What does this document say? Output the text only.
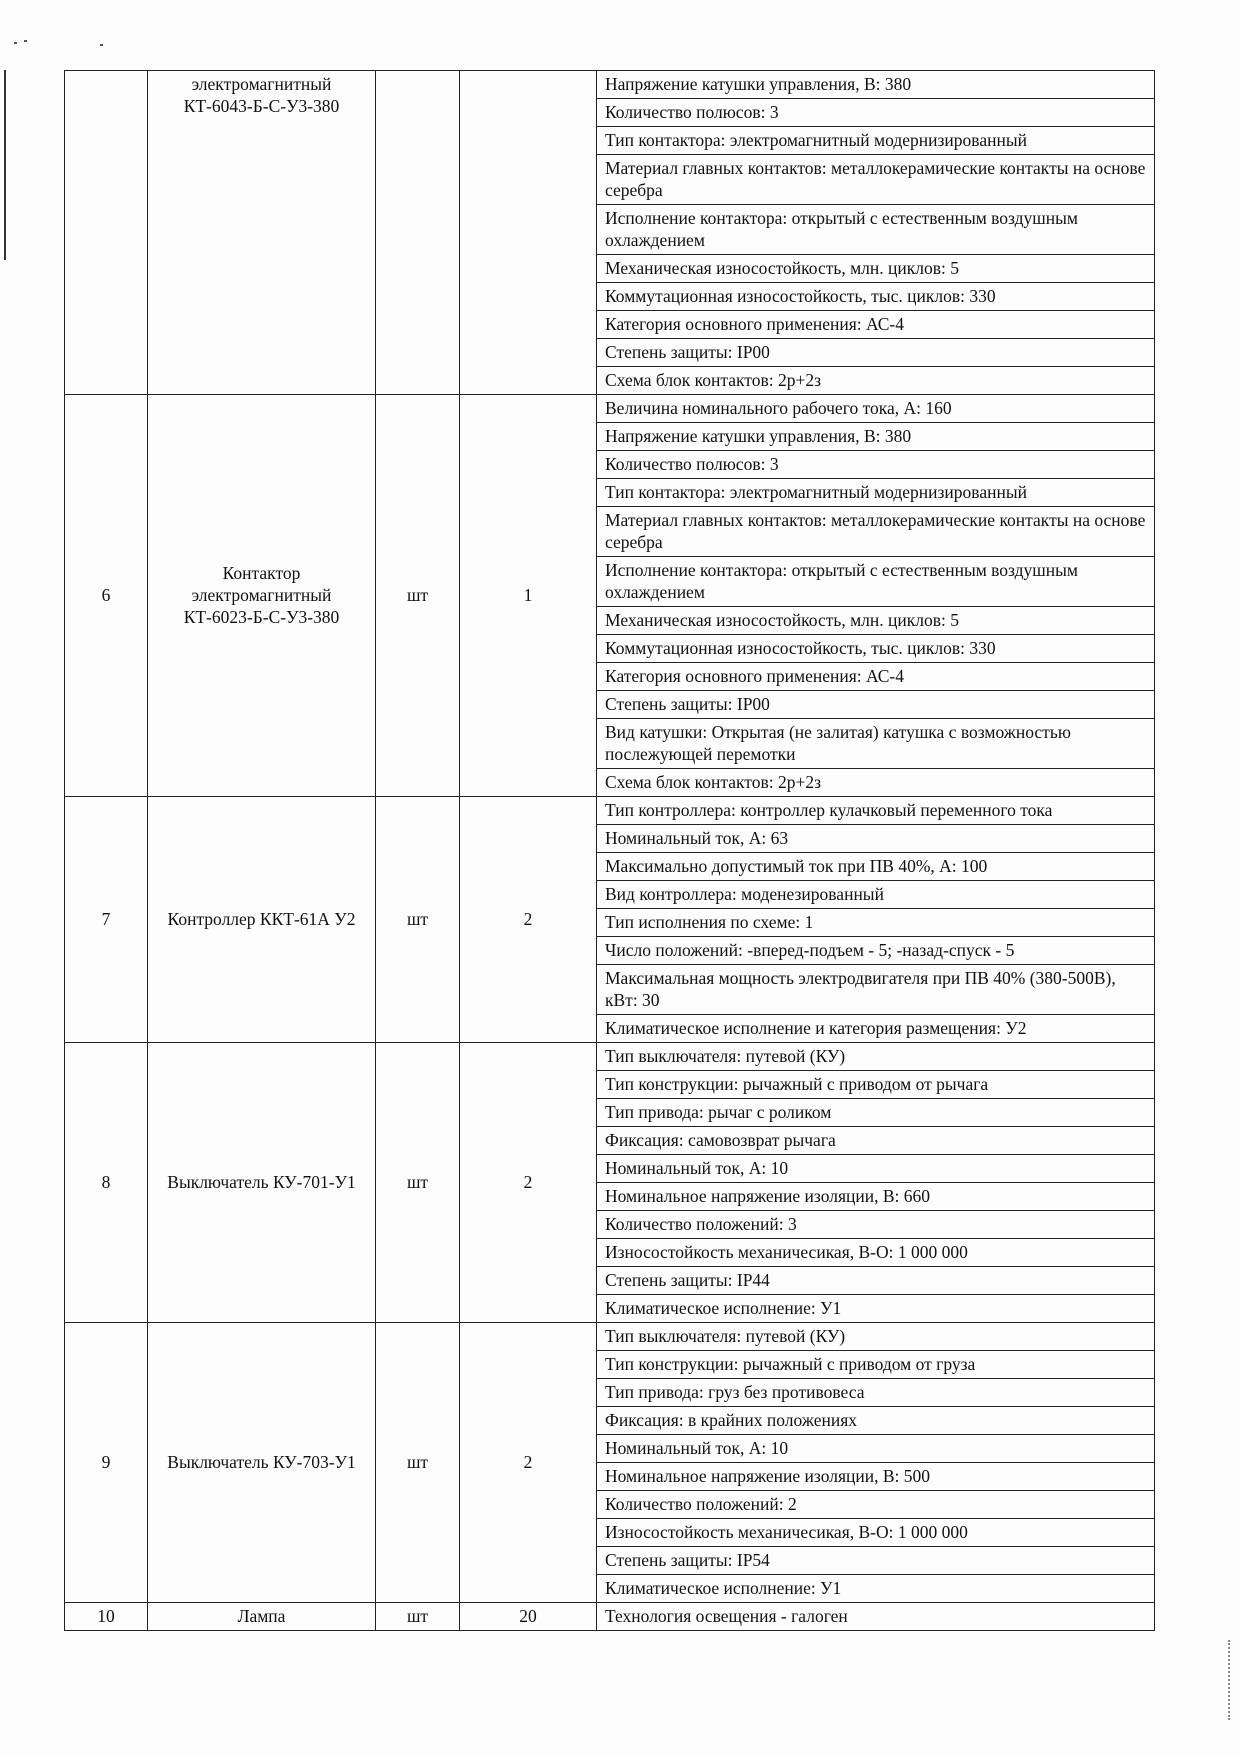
	электромагнитный КТ-6043-Б-С-У3-380			Напряжение катушки управления, В: 380
				Количество полюсов: 3
				Тип контактора: электромагнитный модернизированный
				Материал главных контактов: металлокерамические контакты на основе серебра
				Исполнение контактора: открытый с естественным воздушным охлаждением
				Механическая износостойкость, млн. циклов: 5
				Коммутационная износостойкость, тыс. циклов: 330
				Категория основного применения: АС-4
				Степень защиты: IP00
				Схема блок контактов: 2р+2з
6	Контактор электромагнитный КТ-6023-Б-С-У3-380	шт	1	Величина номинального рабочего тока, А: 160
				Напряжение катушки управления, В: 380
				Количество полюсов: 3
				Тип контактора: электромагнитный модернизированный
				Материал главных контактов: металлокерамические контакты на основе серебра
				Исполнение контактора: открытый с естественным воздушным охлаждением
				Механическая износостойкость, млн. циклов: 5
				Коммутационная износостойкость, тыс. циклов: 330
				Категория основного применения: АС-4
				Степень защиты: IP00
				Вид катушки: Открытая (не залитая) катушка с возможностью послежующей перемотки
				Схема блок контактов: 2р+2з
7	Контроллер ККТ-61А У2	шт	2	Тип контроллера: контроллер кулачковый переменного тока
				Номинальный ток, А: 63
				Максимально допустимый ток при ПВ 40%, А: 100
				Вид контроллера: моденезированный
				Тип исполнения по схеме: 1
				Число положений: -вперед-подъем - 5; -назад-спуск - 5
				Максимальная мощность электродвигателя при ПВ 40% (380-500В), кВт: 30
				Климатическое исполнение и категория размещения: У2
8	Выключатель КУ-701-У1	шт	2	Тип выключателя: путевой (КУ)
				Тип конструкции: рычажный с приводом от рычага
				Тип привода: рычаг с роликом
				Фиксация: самовозврат рычага
				Номинальный ток, А: 10
				Номинальное напряжение изоляции, В: 660
				Количество положений: 3
				Износостойкость механичесикая, В-О: 1 000 000
				Степень защиты: IP44
				Климатическое исполнение: У1
9	Выключатель КУ-703-У1	шт	2	Тип выключателя: путевой (КУ)
				Тип конструкции: рычажный с приводом от груза
				Тип привода: груз без противовеса
				Фиксация: в крайних положениях
				Номинальный ток, А: 10
				Номинальное напряжение изоляции, В: 500
				Количество положений: 2
				Износостойкость механичесикая, В-О: 1 000 000
				Степень защиты: IP54
				Климатическое исполнение: У1
10	Лампа	шт	20	Технология освещения - галоген
